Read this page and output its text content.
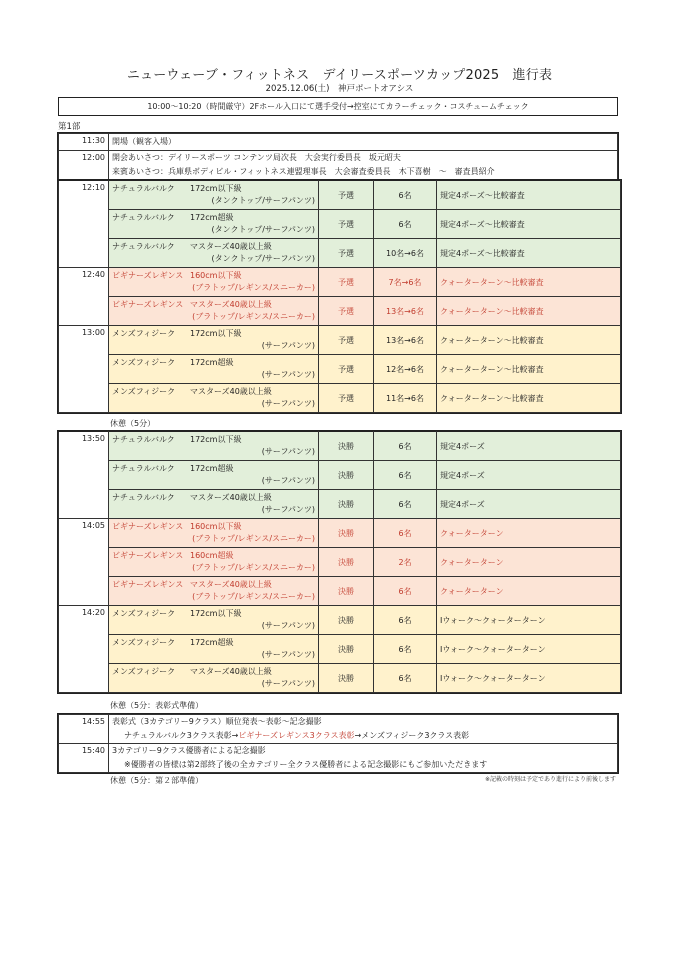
ニューウェーブ・フィットネス　デイリースポーツカップ2025　進行表
2025.12.06(土)　神戸ポートオアシス
10:00〜10:20（時間厳守）2Fホール入口にて選手受付→控室にてカラーチェック・コスチュームチェック
第1部
11:30	開場（観客入場）

12:00	開会あいさつ：デイリースポーツ コンテンツ局次長　大会実行委員長　坂元昭夫
来賓あいさつ：兵庫県ボディビル・フィットネス連盟理事長　大会審査委員長　木下喜樹　〜　審査員紹介
12:10	ナチュラルバルク 172cm以下級
(タンクトップ/サーフパンツ)	予選	6名	規定4ポーズ〜比較審査

	ナチュラルバルク 172cm超級
(タンクトップ/サーフパンツ)	予選	6名	規定4ポーズ〜比較審査

	ナチュラルバルク マスターズ40歳以上級
(タンクトップ/サーフパンツ)	予選	10名→6名	規定4ポーズ〜比較審査
12:40	ビギナーズレギンス 160cm以下級
(ブラトップ/レギンス/スニーカー)	予選	7名→6名	クォーターターン〜比較審査

	ビギナーズレギンス マスターズ40歳以上級
(ブラトップ/レギンス/スニーカー)	予選	13名→6名	クォーターターン〜比較審査
13:00	メンズフィジーク 172cm以下級
(サーフパンツ)	予選	13名→6名	クォーターターン〜比較審査

	メンズフィジーク 172cm超級
(サーフパンツ)	予選	12名→6名	クォーターターン〜比較審査

	メンズフィジーク マスターズ40歳以上級
(サーフパンツ)	予選	11名→6名	クォーターターン〜比較審査
休憩（5分）
13:50	ナチュラルバルク 172cm以下級
(サーフパンツ)	決勝	6名	規定4ポーズ

	ナチュラルバルク 172cm超級
(サーフパンツ)	決勝	6名	規定4ポーズ

	ナチュラルバルク マスターズ40歳以上級
(サーフパンツ)	決勝	6名	規定4ポーズ
14:05	ビギナーズレギンス 160cm以下級
(ブラトップ/レギンス/スニーカー)	決勝	6名	クォーターターン

	ビギナーズレギンス 160cm超級
(ブラトップ/レギンス/スニーカー)	決勝	2名	クォーターターン

	ビギナーズレギンス マスターズ40歳以上級
(ブラトップ/レギンス/スニーカー)	決勝	6名	クォーターターン
14:20	メンズフィジーク 172cm以下級
(サーフパンツ)	決勝	6名	Iウォーク〜クォーターターン

	メンズフィジーク 172cm超級
(サーフパンツ)	決勝	6名	Iウォーク〜クォーターターン

	メンズフィジーク マスターズ40歳以上級
(サーフパンツ)	決勝	6名	Iウォーク〜クォーターターン
休憩（5分：表彰式準備）
14:55	表彰式（3カテゴリー9クラス）順位発表〜表彰〜記念撮影
ナチュラルバルク3クラス表彰→ビギナーズレギンス3クラス表彰→メンズフィジーク3クラス表彰

15:40	3カテゴリー9クラス優勝者による記念撮影
※優勝者の皆様は第2部終了後の全カテゴリー全クラス優勝者による記念撮影にもご参加いただきます
休憩（5分：第２部準備）	※記載の時刻は予定であり進行により前後します
